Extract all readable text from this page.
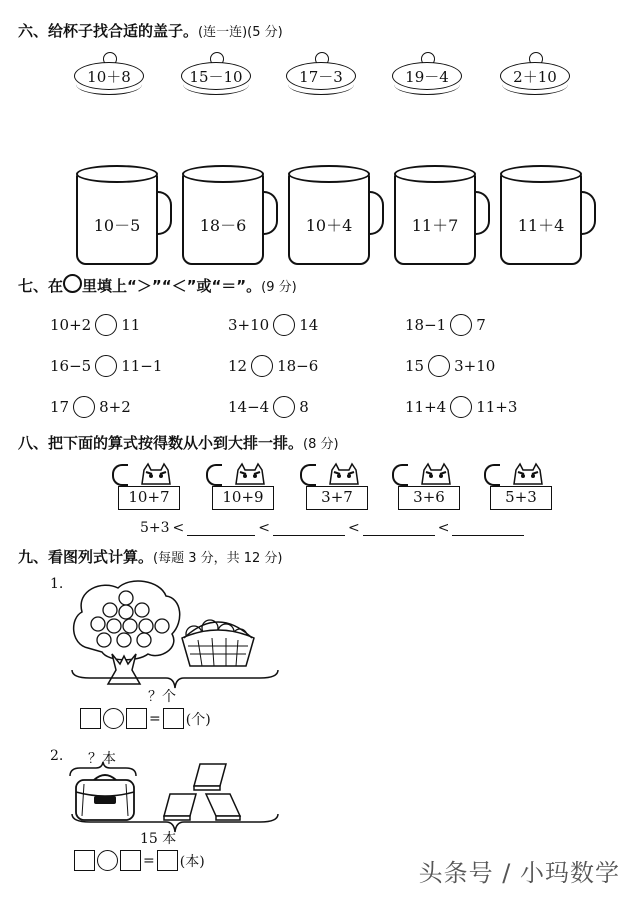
六、给杯子找合适的盖子。(连一连)(5 分)
10＋8	15－10	17－3	19－4	2＋10
10－5	18－6	10＋4	11＋7	11＋4
七、在 里填上“＞”“＜”或“＝”。(9 分)
10+2 11	3+10 14	18−1 7
16−5 11−1	12 18−6	15 3+10
17 8+2	14−4 8	11+4 11+3
八、把下面的算式按得数从小到大排一排。(8 分)
10+7	10+9	3+7	3+6	5+3
5+3 <	<	<	<
九、看图列式计算。(每题 3 分，共 12 分)
1.
？个
= (个)
2. ？本
15 本
= (本)	头条号 / 小玛数学
